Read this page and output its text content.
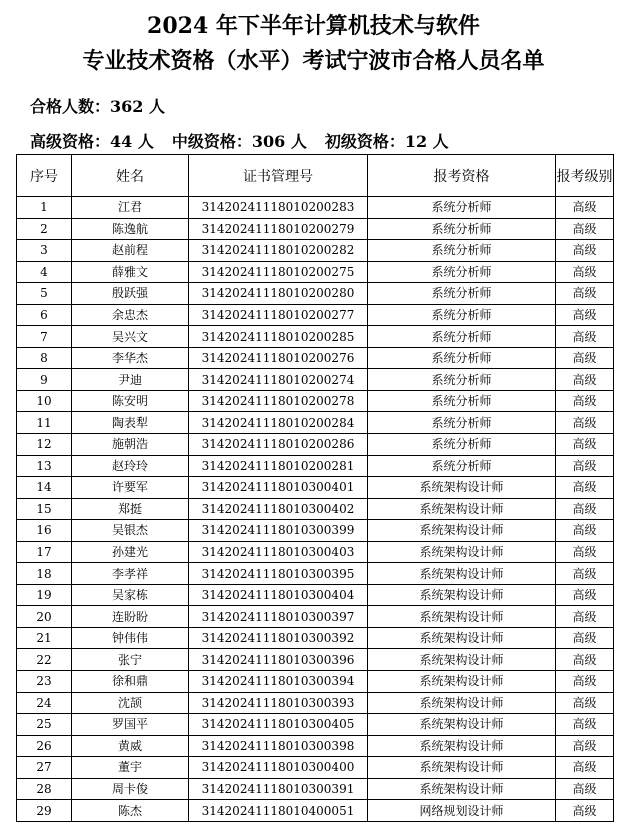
2024 年下半年计算机技术与软件
专业技术资格（水平）考试宁波市合格人员名单
合格人数：362 人
高级资格：44 人 中级资格：306 人 初级资格：12 人
序号	姓名	证书管理号	报考资格	报考级别
1	江君	31420241118010200283	系统分析师	高级
2	陈逸航	31420241118010200279	系统分析师	高级
3	赵前程	31420241118010200282	系统分析师	高级
4	薛雅文	31420241118010200275	系统分析师	高级
5	殷跃强	31420241118010200280	系统分析师	高级
6	余忠杰	31420241118010200277	系统分析师	高级
7	吴兴文	31420241118010200285	系统分析师	高级
8	李华杰	31420241118010200276	系统分析师	高级
9	尹迪	31420241118010200274	系统分析师	高级
10	陈安明	31420241118010200278	系统分析师	高级
11	陶表犁	31420241118010200284	系统分析师	高级
12	施朝浩	31420241118010200286	系统分析师	高级
13	赵玲玲	31420241118010200281	系统分析师	高级
14	许要军	31420241118010300401	系统架构设计师	高级
15	郑挺	31420241118010300402	系统架构设计师	高级
16	吴银杰	31420241118010300399	系统架构设计师	高级
17	孙建光	31420241118010300403	系统架构设计师	高级
18	李孝祥	31420241118010300395	系统架构设计师	高级
19	吴家栋	31420241118010300404	系统架构设计师	高级
20	连盼盼	31420241118010300397	系统架构设计师	高级
21	钟伟伟	31420241118010300392	系统架构设计师	高级
22	张宁	31420241118010300396	系统架构设计师	高级
23	徐和鼎	31420241118010300394	系统架构设计师	高级
24	沈颉	31420241118010300393	系统架构设计师	高级
25	罗国平	31420241118010300405	系统架构设计师	高级
26	黄威	31420241118010300398	系统架构设计师	高级
27	董宇	31420241118010300400	系统架构设计师	高级
28	周卡俊	31420241118010300391	系统架构设计师	高级
29	陈杰	31420241118010400051	网络规划设计师	高级
